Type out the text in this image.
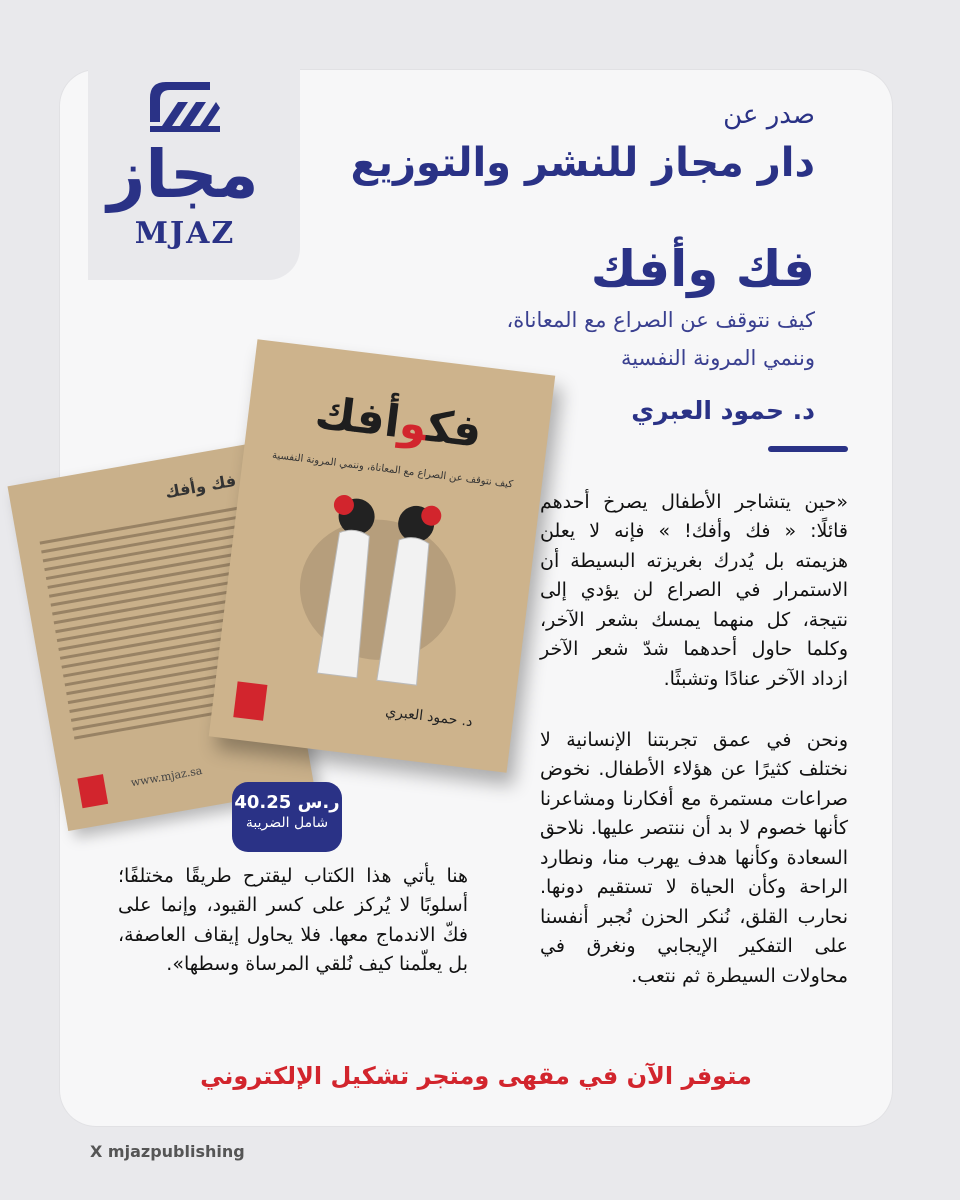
مجاز
MJAZ
صدر عن
دار مجاز للنشر والتوزيع
فك وأفك
كيف نتوقف عن الصراع مع المعاناة،
وننمي المرونة النفسية
د. حمود العبري
فك وأفك
www.mjaz.sa
فكوأفك
كيف نتوقف عن الصراع مع المعاناة، وننمي المرونة النفسية
د. حمود العبري
40.25 ر.س
شامل الضريبة
«حين يتشاجر الأطفال يصرخ أحدهم قائلًا: « فك وأفك! » فإنه لا يعلن هزيمته بل يُدرك بغريزته البسيطة أن الاستمرار في الصراع لن يؤدي إلى نتيجة، كل منهما يمسك بشعر الآخر، وكلما حاول أحدهما شدّ شعر الآخر ازداد الآخر عنادًا وتشبثًا.
ونحن في عمق تجربتنا الإنسانية لا نختلف كثيرًا عن هؤلاء الأطفال. نخوض صراعات مستمرة مع أفكارنا ومشاعرنا كأنها خصوم لا بد أن ننتصر عليها. نلاحق السعادة وكأنها هدف يهرب منا، ونطارد الراحة وكأن الحياة لا تستقيم دونها. نحارب القلق، نُنكر الحزن نُجبر أنفسنا على التفكير الإيجابي ونغرق في محاولات السيطرة ثم نتعب.
هنا يأتي هذا الكتاب ليقترح طريقًا مختلفًا؛ أسلوبًا لا يُركز على كسر القيود، وإنما على فكّ الاندماج معها. فلا يحاول إيقاف العاصفة، بل يعلّمنا كيف نُلقي المرساة وسطها».
متوفر الآن في مقهى ومتجر تشكيل الإلكتروني
X mjazpublishing
